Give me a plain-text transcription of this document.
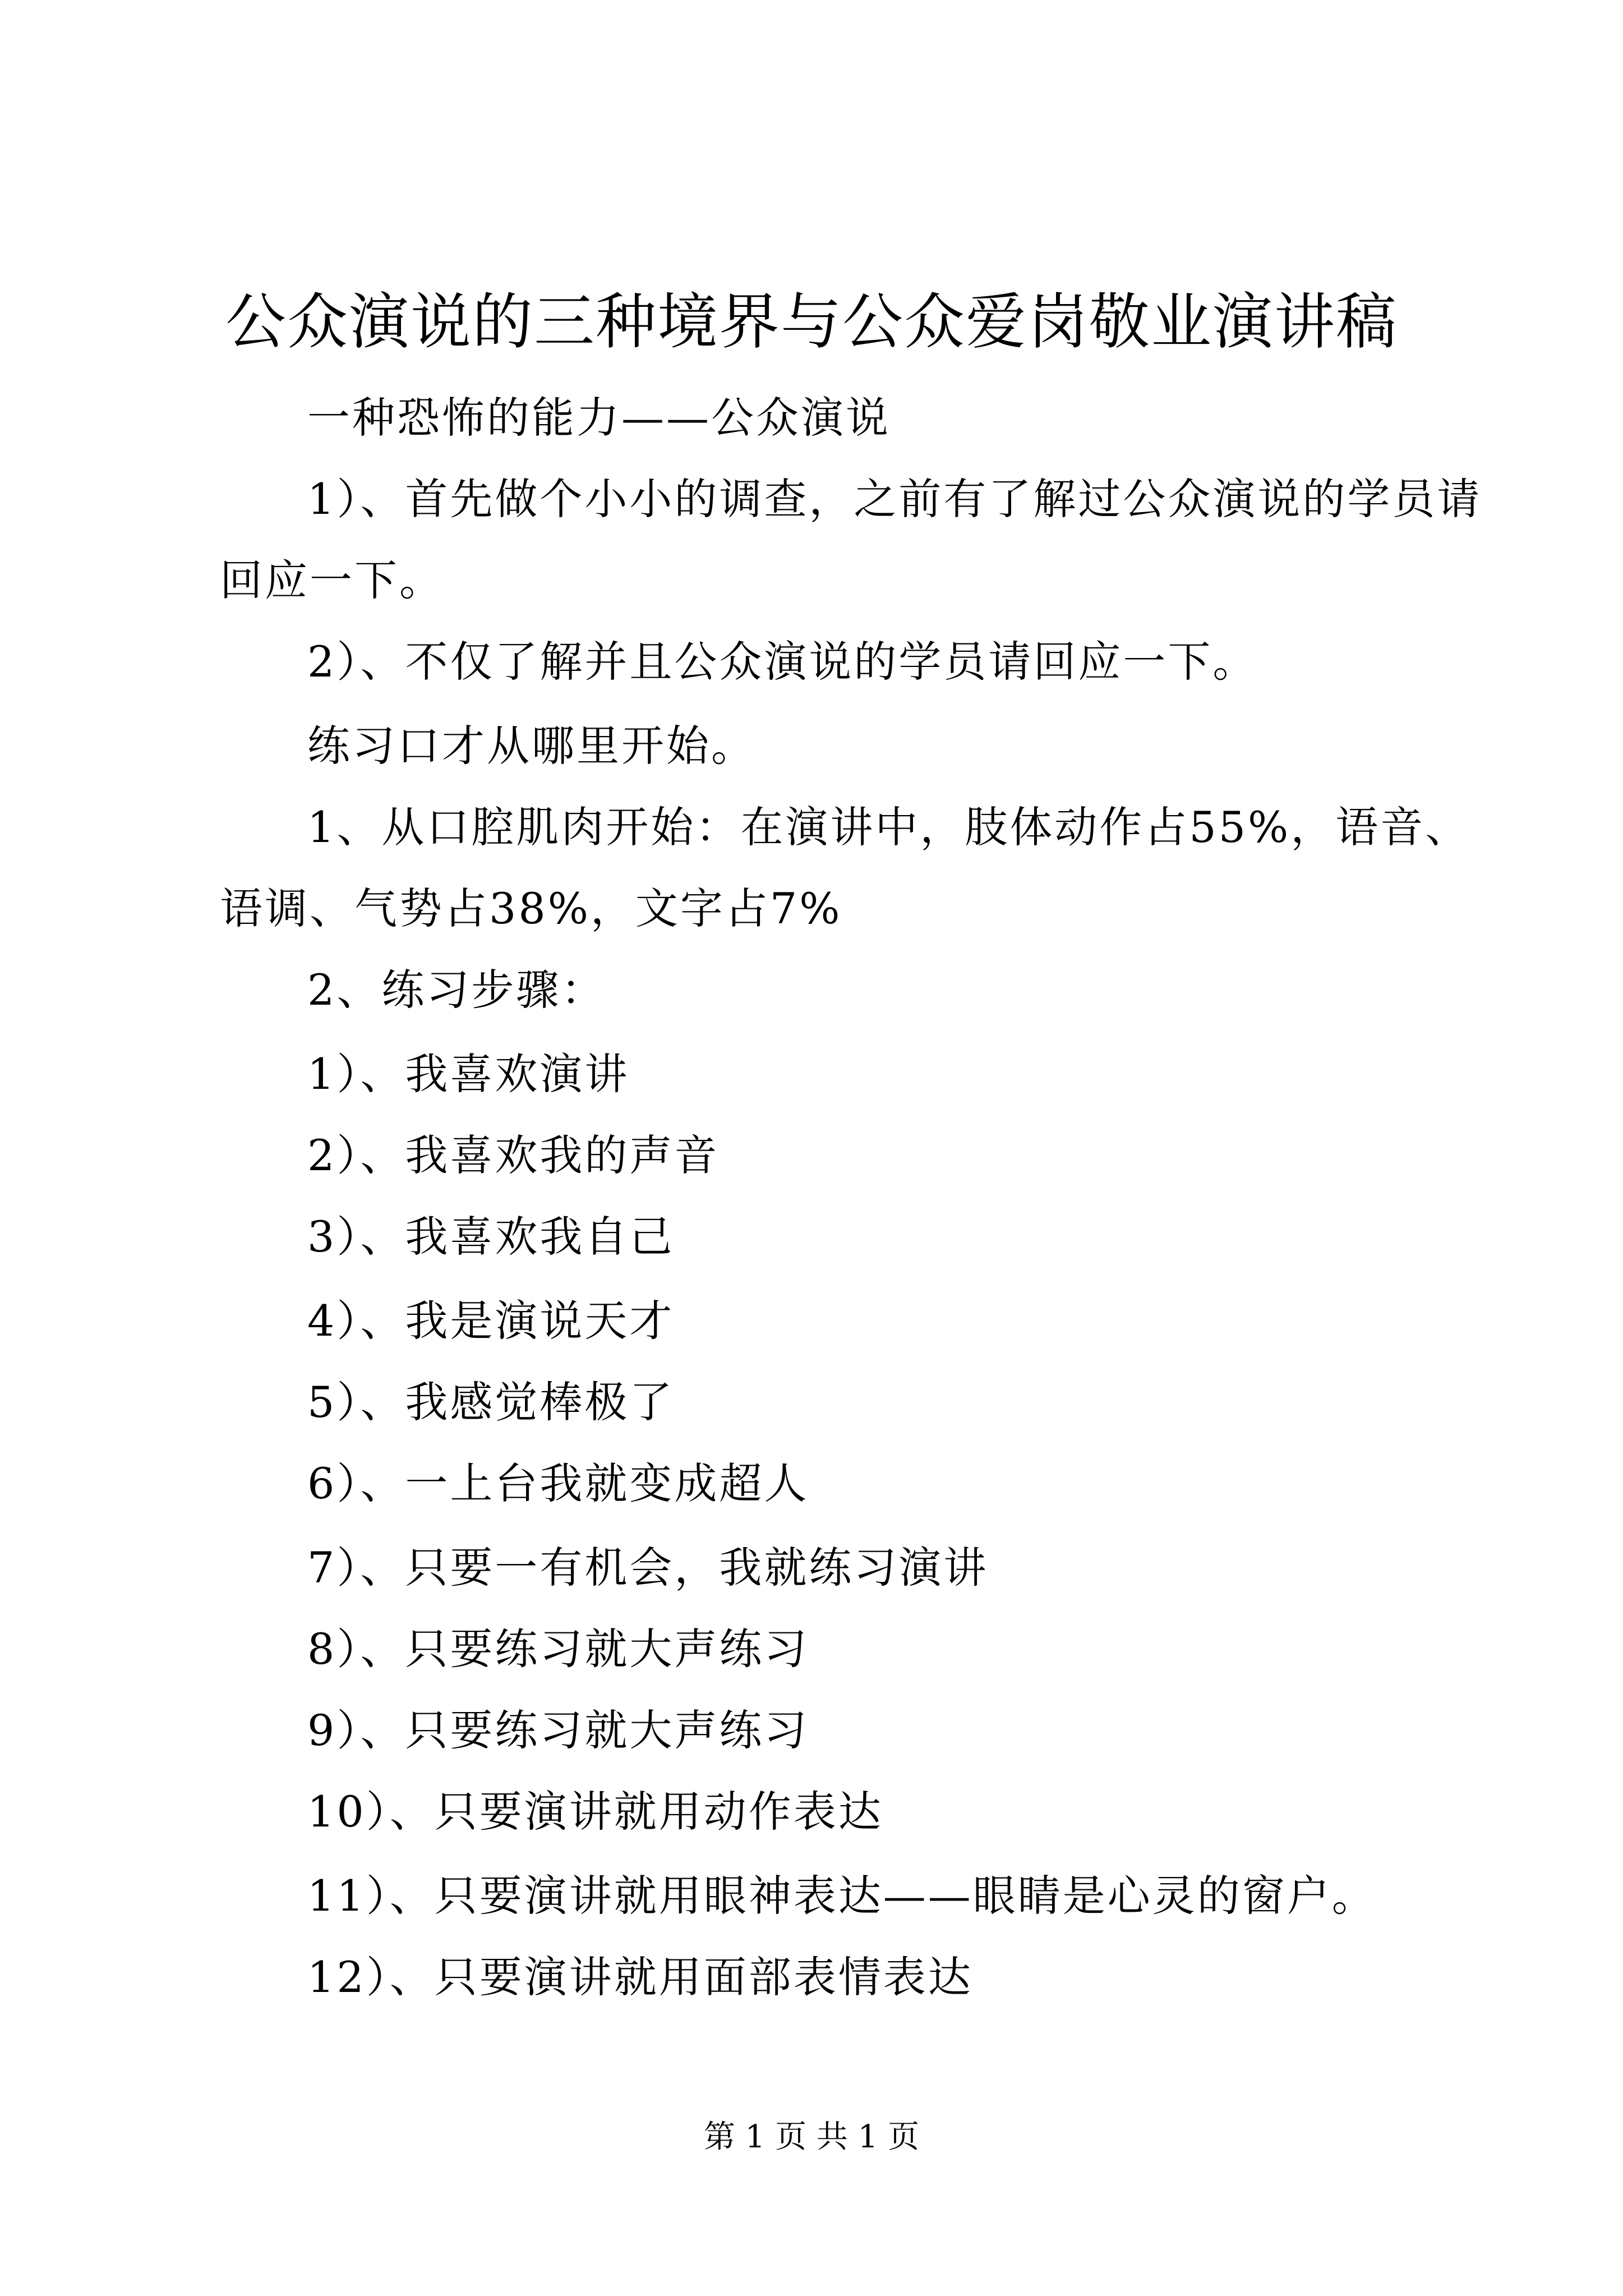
公众演说的三种境界与公众爱岗敬业演讲稿

一种恐怖的能力——公众演说

1）、首先做个小小的调查，之前有了解过公众演说的学员请

回应一下。

2）、不仅了解并且公众演说的学员请回应一下。

练习口才从哪里开始。

1、从口腔肌肉开始：在演讲中，肢体动作占55%，语音、

语调、气势占38%，文字占7%

2、练习步骤：

1）、我喜欢演讲

2）、我喜欢我的声音

3）、我喜欢我自己

4）、我是演说天才

5）、我感觉棒极了

6）、一上台我就变成超人

7）、只要一有机会，我就练习演讲

8）、只要练习就大声练习

9）、只要练习就大声练习

10）、只要演讲就用动作表达

11）、只要演讲就用眼神表达——眼睛是心灵的窗户。

12）、只要演讲就用面部表情表达

第 1 页 共 1 页
